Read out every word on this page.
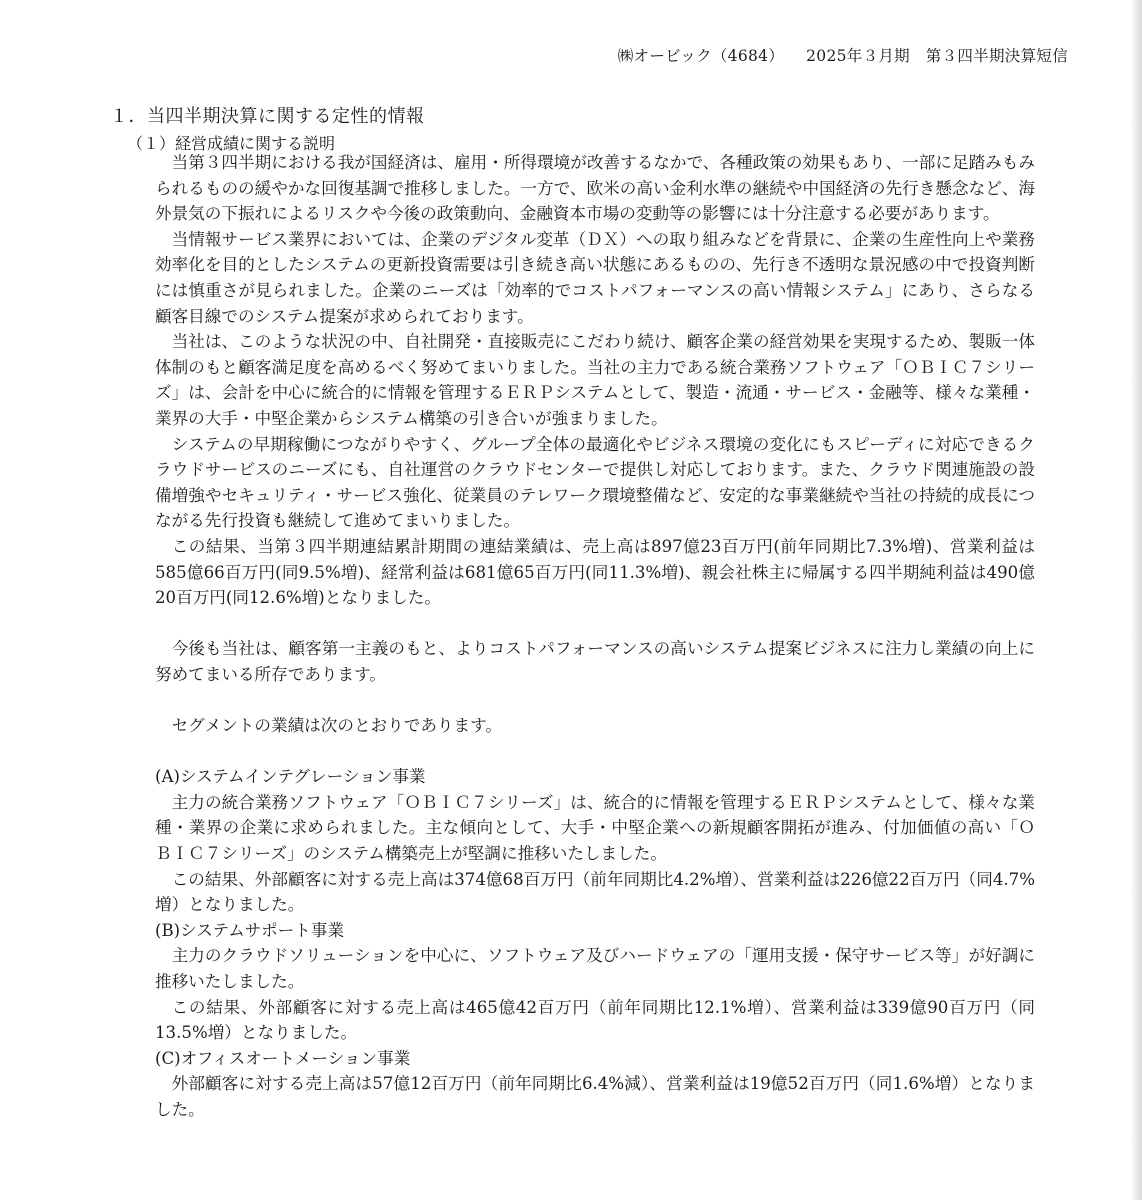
㈱オービック（4684） 2025年３月期　第３四半期決算短信
１．当四半期決算に関する定性的情報
（１）経営成績に関する説明

当第３四半期における我が国経済は、雇用・所得環境が改善するなかで、各種政策の効果もあり、一部に足踏みもみられるものの緩やかな回復基調で推移しました。一方で、欧米の高い金利水準の継続や中国経済の先行き懸念など、海外景気の下振れによるリスクや今後の政策動向、金融資本市場の変動等の影響には十分注意する必要があります。

当情報サービス業界においては、企業のデジタル変革（ＤＸ）への取り組みなどを背景に、企業の生産性向上や業務効率化を目的としたシステムの更新投資需要は引き続き高い状態にあるものの、先行き不透明な景況感の中で投資判断には慎重さが見られました。企業のニーズは「効率的でコストパフォーマンスの高い情報システム」にあり、さらなる顧客目線でのシステム提案が求められております。

当社は、このような状況の中、自社開発・直接販売にこだわり続け、顧客企業の経営効果を実現するため、製販一体体制のもと顧客満足度を高めるべく努めてまいりました。当社の主力である統合業務ソフトウェア「ＯＢＩＣ７シリーズ」は、会計を中心に統合的に情報を管理するＥＲＰシステムとして、製造・流通・サービス・金融等、様々な業種・業界の大手・中堅企業からシステム構築の引き合いが強まりました。

システムの早期稼働につながりやすく、グループ全体の最適化やビジネス環境の変化にもスピーディに対応できるクラウドサービスのニーズにも、自社運営のクラウドセンターで提供し対応しております。また、クラウド関連施設の設備増強やセキュリティ・サービス強化、従業員のテレワーク環境整備など、安定的な事業継続や当社の持続的成長につながる先行投資も継続して進めてまいりました。

この結果、当第３四半期連結累計期間の連結業績は、売上高は897億23百万円(前年同期比7.3%増)、営業利益は585億66百万円(同9.5%増)、経常利益は681億65百万円(同11.3%増)、親会社株主に帰属する四半期純利益は490億20百万円(同12.6%増)となりました。

今後も当社は、顧客第一主義のもと、よりコストパフォーマンスの高いシステム提案ビジネスに注力し業績の向上に努めてまいる所存であります。

セグメントの業績は次のとおりであります。

(A)システムインテグレーション事業

主力の統合業務ソフトウェア「ＯＢＩＣ７シリーズ」は、統合的に情報を管理するＥＲＰシステムとして、様々な業種・業界の企業に求められました。主な傾向として、大手・中堅企業への新規顧客開拓が進み、付加価値の高い「ＯＢＩＣ７シリーズ」のシステム構築売上が堅調に推移いたしました。

この結果、外部顧客に対する売上高は374億68百万円（前年同期比4.2%増）、営業利益は226億22百万円（同4.7%増）となりました。

(B)システムサポート事業

主力のクラウドソリューションを中心に、ソフトウェア及びハードウェアの「運用支援・保守サービス等」が好調に推移いたしました。

この結果、外部顧客に対する売上高は465億42百万円（前年同期比12.1%増）、営業利益は339億90百万円（同13.5%増）となりました。

(C)オフィスオートメーション事業

外部顧客に対する売上高は57億12百万円（前年同期比6.4%減）、営業利益は19億52百万円（同1.6%増）となりました。
